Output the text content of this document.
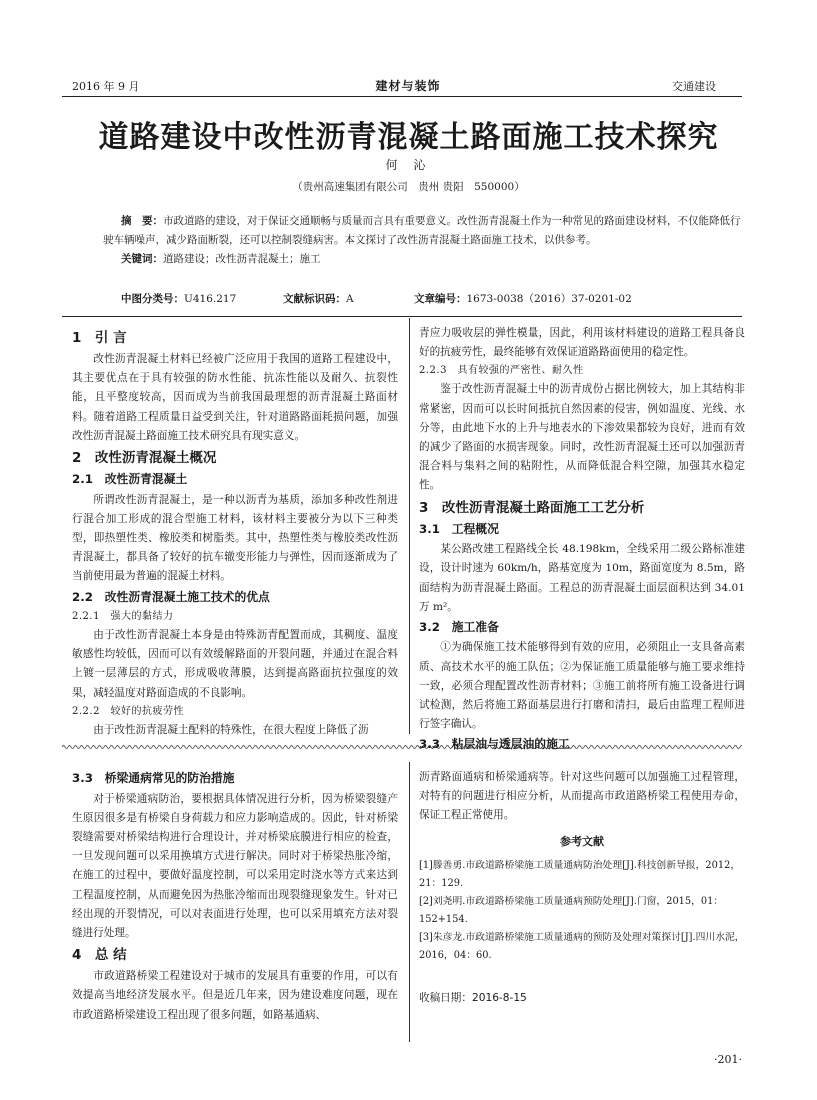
2016 年 9 月	建材与装饰	交通建设
道路建设中改性沥青混凝土路面施工技术探究
何 沁
（贵州高速集团有限公司　贵州 贵阳　550000）
摘　要：市政道路的建设，对于保证交通顺畅与质量而言具有重要意义。改性沥青混凝土作为一种常见的路面建设材料，不仅能降低行驶车辆噪声，减少路面断裂，还可以控制裂缝病害。本文探讨了改性沥青混凝土路面施工技术，以供参考。
关键词：道路建设；改性沥青混凝土；施工
中图分类号：U416.217	文献标识码：A	文章编号：1673-0038（2016）37-0201-02
1　引 言

改性沥青混凝土材料已经被广泛应用于我国的道路工程建设中，其主要优点在于具有较强的防水性能、抗冻性能以及耐久、抗裂性能，且平整度较高，因而成为当前我国最理想的沥青混凝土路面材料。随着道路工程质量日益受到关注，针对道路路面耗损问题，加强改性沥青混凝土路面施工技术研究具有现实意义。

2　改性沥青混凝土概况
2.1　改性沥青混凝土

所谓改性沥青混凝土，是一种以沥青为基质，添加多种改性剂进行混合加工形成的混合型施工材料，该材料主要被分为以下三种类型，即热塑性类、橡胶类和树脂类。其中，热塑性类与橡胶类改性沥青混凝土，都具备了较好的抗车辙变形能力与弹性，因而逐渐成为了当前使用最为普遍的混凝土材料。

2.2　改性沥青混凝土施工技术的优点
2.2.1　强大的黏结力

由于改性沥青混凝土本身是由特殊沥青配置而成，其稠度、温度敏感性均较低，因而可以有效缓解路面的开裂问题，并通过在混合料上镀一层薄层的方式，形成吸收薄膜，达到提高路面抗拉强度的效果，减轻温度对路面造成的不良影响。

2.2.2　较好的抗疲劳性

由于改性沥青混凝土配料的特殊性，在很大程度上降低了沥

青应力吸收层的弹性模量，因此，利用该材料建设的道路工程具备良好的抗疲劳性，最终能够有效保证道路路面使用的稳定性。

2.2.3　具有较强的严密性、耐久性

鉴于改性沥青混凝土中的沥青成份占据比例较大，加上其结构非常紧密，因而可以长时间抵抗自然因素的侵害，例如温度、光线、水分等，由此地下水的上升与地表水的下渗效果都较为良好，进而有效的减少了路面的水损害现象。同时，改性沥青混凝土还可以加强沥青混合料与集料之间的粘附性，从而降低混合料空隙，加强其水稳定性。

3　改性沥青混凝土路面施工工艺分析
3.1　工程概况

某公路改建工程路线全长 48.198km，全线采用二级公路标准建设，设计时速为 60km/h，路基宽度为 10m，路面宽度为 8.5m，路面结构为沥青混凝土路面。工程总的沥青混凝土面层面积达到 34.01 万 m²。

3.2　施工准备

①为确保施工技术能够得到有效的应用，必须阻止一支具备高素质、高技术水平的施工队伍；②为保证施工质量能够与施工要求维持一致，必须合理配置改性沥青材料；③施工前将所有施工设备进行调试检测，然后将施工路面基层进行打磨和清扫，最后由监理工程师进行签字确认。

3.3　粘层油与透层油的施工
3.3　桥梁通病常见的防治措施

对于桥梁通病防治，要根据具体情况进行分析，因为桥梁裂缝产生原因很多是有桥梁自身荷载力和应力影响造成的。因此，针对桥梁裂缝需要对桥梁结构进行合理设计，并对桥梁底膜进行相应的检查，一旦发现问题可以采用换填方式进行解决。同时对于桥梁热胀冷缩，在施工的过程中，要做好温度控制，可以采用定时浇水等方式来达到工程温度控制，从而避免因为热胀冷缩而出现裂缝现象发生。针对已经出现的开裂情况，可以对表面进行处理，也可以采用填充方法对裂缝进行处理。

4　总 结

市政道路桥梁工程建设对于城市的发展具有重要的作用，可以有效提高当地经济发展水平。但是近几年来，因为建设难度问题，现在市政道路桥梁建设工程出现了很多问题，如路基通病、

沥青路面通病和桥梁通病等。针对这些问题可以加强施工过程管理，对特有的问题进行相应分析，从而提高市政道路桥梁工程使用寿命，保证工程正常使用。

参考文献
[1]滕善勇.市政道路桥梁施工质量通病防治处理[J].科技创新导报，2012，21：129.
[2]刘尧明.市政道路桥梁施工质量通病预防处理[J].门窗，2015，01：152+154.
[3]朱彦龙.市政道路桥梁施工质量通病的预防及处理对策探讨[J].四川水泥，2016，04：60.
收稿日期：2016-8-15
·201·
